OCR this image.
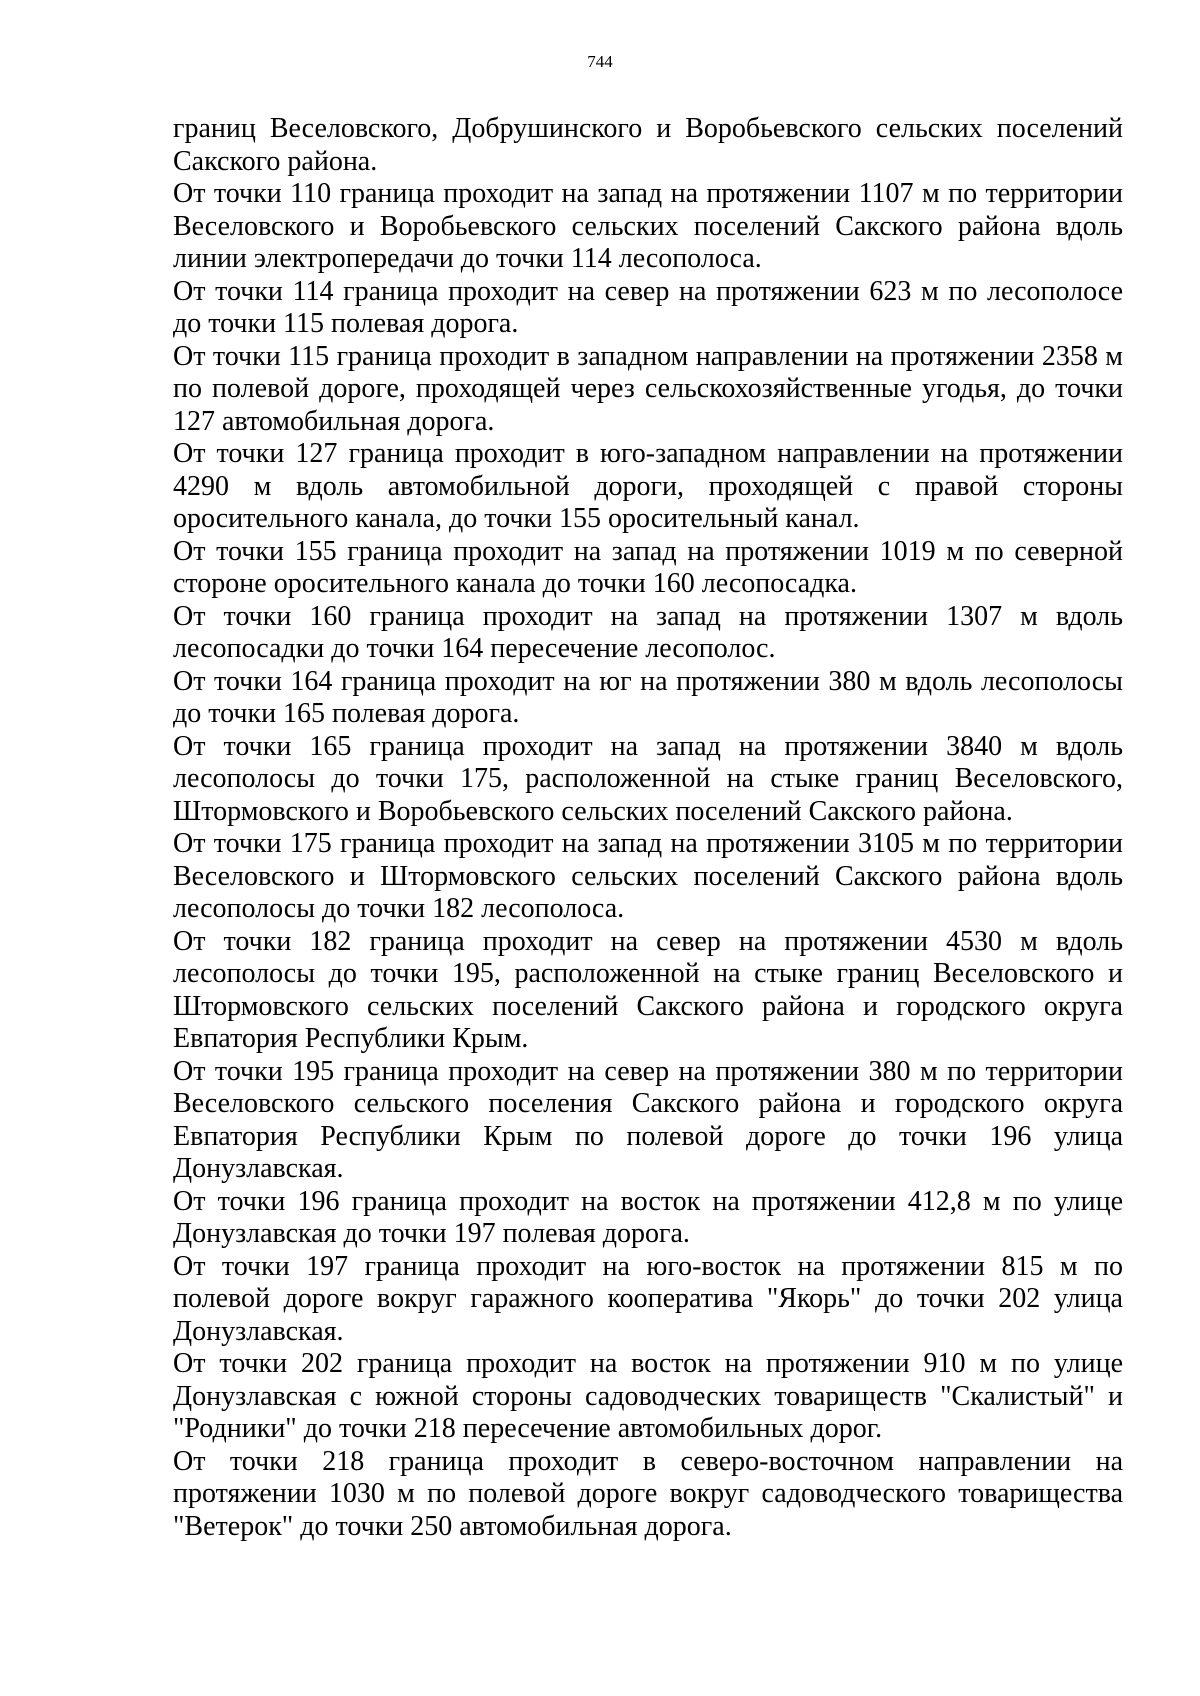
744

границ Веселовского, Добрушинского и Воробьевского сельских поселений Сакского района.

От точки 110 граница проходит на запад на протяжении 1107 м по территории Веселовского и Воробьевского сельских поселений Сакского района вдоль линии электропередачи до точки 114 лесополоса.

От точки 114 граница проходит на север на протяжении 623 м по лесополосе до точки 115 полевая дорога.

От точки 115 граница проходит в западном направлении на протяжении 2358 м по полевой дороге, проходящей через сельскохозяйственные угодья, до точки 127 автомобильная дорога.

От точки 127 граница проходит в юго-западном направлении на протяжении 4290 м вдоль автомобильной дороги, проходящей с правой стороны оросительного канала, до точки 155 оросительный канал.

От точки 155 граница проходит на запад на протяжении 1019 м по северной стороне оросительного канала до точки 160 лесопосадка.

От точки 160 граница проходит на запад на протяжении 1307 м вдоль лесопосадки до точки 164 пересечение лесополос.

От точки 164 граница проходит на юг на протяжении 380 м вдоль лесополосы до точки 165 полевая дорога.

От точки 165 граница проходит на запад на протяжении 3840 м вдоль лесополосы до точки 175, расположенной на стыке границ Веселовского, Штормовского и Воробьевского сельских поселений Сакского района.

От точки 175 граница проходит на запад на протяжении 3105 м по территории Веселовского и Штормовского сельских поселений Сакского района вдоль лесополосы до точки 182 лесополоса.

От точки 182 граница проходит на север на протяжении 4530 м вдоль лесополосы до точки 195, расположенной на стыке границ Веселовского и Штормовского сельских поселений Сакского района и городского округа Евпатория Республики Крым.

От точки 195 граница проходит на север на протяжении 380 м по территории Веселовского сельского поселения Сакского района и городского округа Евпатория Республики Крым по полевой дороге до точки 196 улица Донузлавская.

От точки 196 граница проходит на восток на протяжении 412,8 м по улице Донузлавская до точки 197 полевая дорога.

От точки 197 граница проходит на юго-восток на протяжении 815 м по полевой дороге вокруг гаражного кооператива "Якорь" до точки 202 улица Донузлавская.

От точки 202 граница проходит на восток на протяжении 910 м по улице Донузлавская с южной стороны садоводческих товариществ "Скалистый" и "Родники" до точки 218 пересечение автомобильных дорог.

От точки 218 граница проходит в северо-восточном направлении на протяжении 1030 м по полевой дороге вокруг садоводческого товарищества "Ветерок" до точки 250 автомобильная дорога.
